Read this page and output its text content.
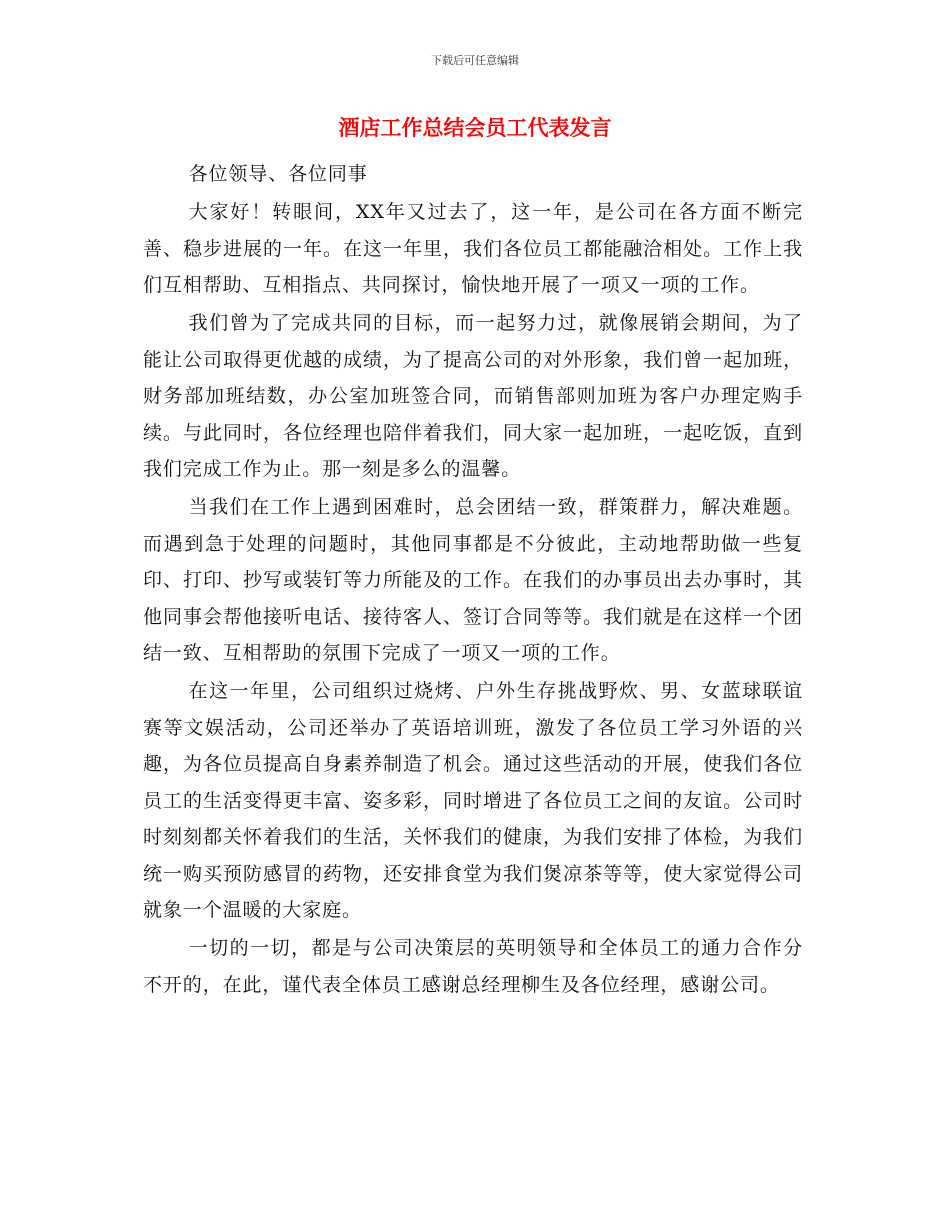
下载后可任意编辑
酒店工作总结会员工代表发言

各位领导、各位同事

大家好！转眼间，XX年又过去了，这一年，是公司在各方面不断完善、稳步进展的一年。在这一年里，我们各位员工都能融洽相处。工作上我们互相帮助、互相指点、共同探讨，愉快地开展了一项又一项的工作。

我们曾为了完成共同的目标，而一起努力过，就像展销会期间，为了能让公司取得更优越的成绩，为了提高公司的对外形象，我们曾一起加班，财务部加班结数，办公室加班签合同，而销售部则加班为客户办理定购手续。与此同时，各位经理也陪伴着我们，同大家一起加班，一起吃饭，直到我们完成工作为止。那一刻是多么的温馨。

当我们在工作上遇到困难时，总会团结一致，群策群力，解决难题。而遇到急于处理的问题时，其他同事都是不分彼此，主动地帮助做一些复印、打印、抄写或装钉等力所能及的工作。在我们的办事员出去办事时，其他同事会帮他接听电话、接待客人、签订合同等等。我们就是在这样一个团结一致、互相帮助的氛围下完成了一项又一项的工作。

在这一年里，公司组织过烧烤、户外生存挑战野炊、男、女蓝球联谊赛等文娱活动，公司还举办了英语培训班，激发了各位员工学习外语的兴趣，为各位员提高自身素养制造了机会。通过这些活动的开展，使我们各位员工的生活变得更丰富、姿多彩，同时增进了各位员工之间的友谊。公司时时刻刻都关怀着我们的生活，关怀我们的健康，为我们安排了体检，为我们统一购买预防感冒的药物，还安排食堂为我们煲凉茶等等，使大家觉得公司就象一个温暖的大家庭。

一切的一切，都是与公司决策层的英明领导和全体员工的通力合作分不开的，在此，谨代表全体员工感谢总经理柳生及各位经理，感谢公司。
